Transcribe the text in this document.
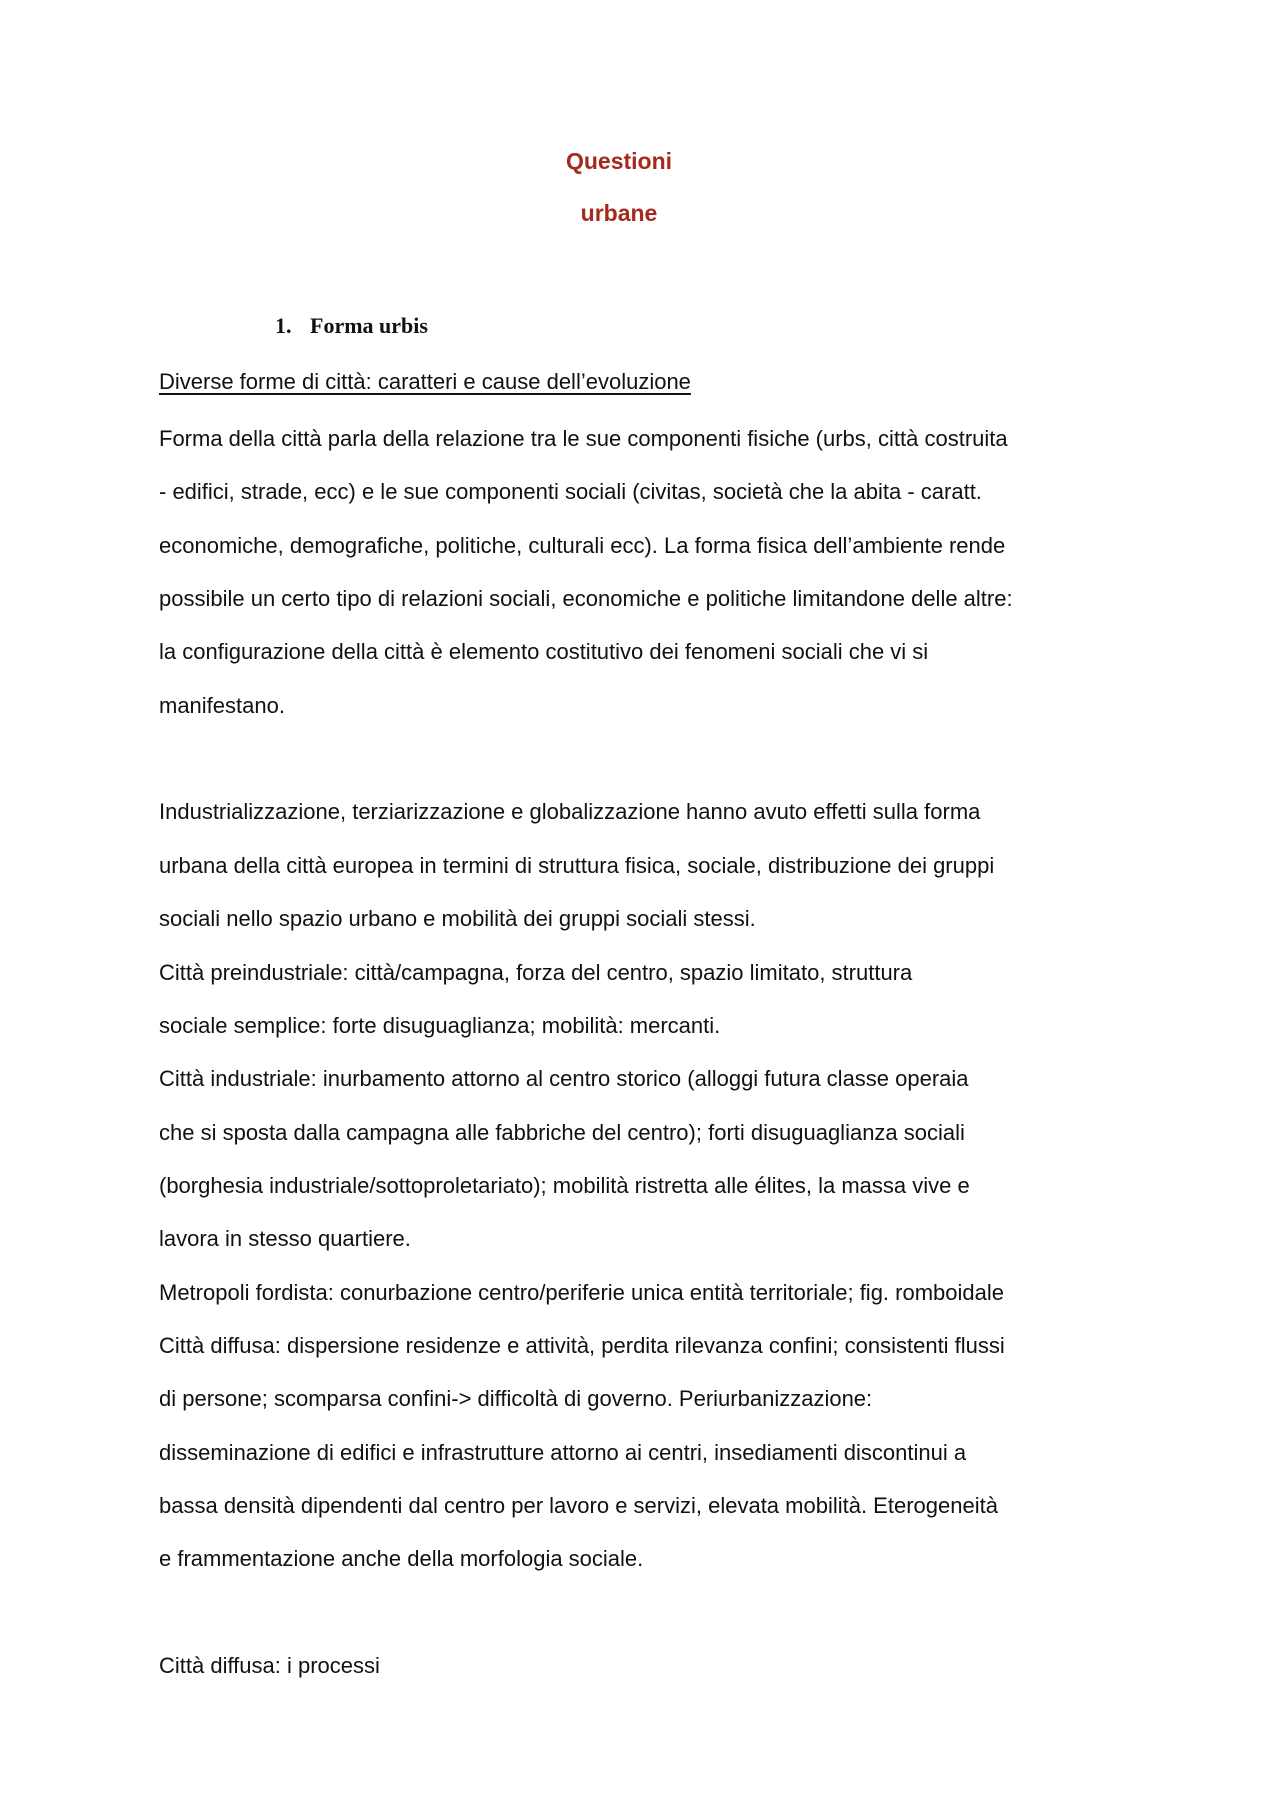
Questioni
urbane
1. Forma urbis
Diverse forme di città: caratteri e cause dell’evoluzione
Forma della città parla della relazione tra le sue componenti fisiche (urbs, città costruita
- edifici, strade, ecc) e le sue componenti sociali (civitas, società che la abita - caratt.
economiche, demografiche, politiche, culturali ecc). La forma fisica dell’ambiente rende
possibile un certo tipo di relazioni sociali, economiche e politiche limitandone delle altre:
la configurazione della città è elemento costitutivo dei fenomeni sociali che vi si
manifestano.
Industrializzazione, terziarizzazione e globalizzazione hanno avuto effetti sulla forma
urbana della città europea in termini di struttura fisica, sociale, distribuzione dei gruppi
sociali nello spazio urbano e mobilità dei gruppi sociali stessi.
Città preindustriale: città/campagna, forza del centro, spazio limitato, struttura
sociale semplice: forte disuguaglianza; mobilità: mercanti.
Città industriale: inurbamento attorno al centro storico (alloggi futura classe operaia
che si sposta dalla campagna alle fabbriche del centro); forti disuguaglianza sociali
(borghesia industriale/sottoproletariato); mobilità ristretta alle élites, la massa vive e
lavora in stesso quartiere.
Metropoli fordista: conurbazione centro/periferie unica entità territoriale; fig. romboidale
Città diffusa: dispersione residenze e attività, perdita rilevanza confini; consistenti flussi
di persone; scomparsa confini-> difficoltà di governo. Periurbanizzazione:
disseminazione di edifici e infrastrutture attorno ai centri, insediamenti discontinui a
bassa densità dipendenti dal centro per lavoro e servizi, elevata mobilità. Eterogeneità
e frammentazione anche della morfologia sociale.
Città diffusa: i processi
